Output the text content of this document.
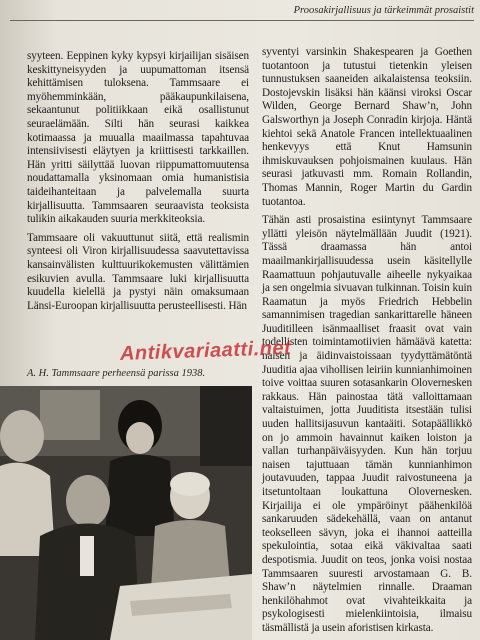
Proosakirjallisuus ja tärkeimmät prosaistit

syyteen. Eeppinen kyky kypsyi kirjailijan sisäisen keskittyneisyyden ja uupumattoman itsensä kehittämisen tuloksena. Tammsaare ei myöhemminkään, pääkaupunkilaisena, sekaantunut politiikkaan eikä osallistunut seuraelämään. Silti hän seurasi kaikkea kotimaassa ja muualla maailmassa tapahtuvaa intensiivisesti eläytyen ja kriittisesti tarkkaillen. Hän yritti säilyttää luovan riippumattomuutensa noudattamalla yksinomaan omia humanistisia taideihanteitaan ja palvelemalla suurta kirjallisuutta. Tammsaaren seuraavista teoksista tulikin aikakauden suuria merkkiteoksia.

Tammsaare oli vakuuttunut siitä, että realismin synteesi oli Viron kirjallisuudessa saavutettavissa kansainvälisten kulttuurikokemusten välittämien esikuvien avulla. Tammsaare luki kirjallisuutta kuudella kielellä ja pystyi näin omaksumaan Länsi-Euroopan kirjallisuutta perusteellisesti. Hän

syventyi varsinkin Shakespearen ja Goethen tuotantoon ja tutustui tietenkin yleisen tunnustuksen saaneiden aikalaistensa teoksiin. Dostojevskin lisäksi hän käänsi viroksi Oscar Wilden, George Bernard Shaw’n, John Galsworthyn ja Joseph Conradin kirjoja. Häntä kiehtoi sekä Anatole Francen intellektuaalinen henkevyys että Knut Hamsunin ihmiskuvauksen pohjoismainen kuulaus. Hän seurasi jatkuvasti mm. Romain Rollandin, Thomas Mannin, Roger Martin du Gardin tuotantoa.

Tähän asti prosaistina esiintynyt Tammsaare yllätti yleisön näytelmällään Juudit (1921). Tässä draamassa hän antoi maailmankirjallisuudessa usein käsitellylle Raamattuun pohjautuvalle aiheelle nykyaikaa ja sen ongelmia sivuavan tulkinnan. Toisin kuin Raamatun ja myös Friedrich Hebbelin samannimisen tragedian sankarittarelle häneen Juuditilleen isänmaalliset fraasit ovat vain todellisten toimintamotiivien hämäävä katetta: naisen ja äidinvaistoissaan tyydyttämätöntä Juuditia ajaa vihollisen leiriin kunnianhimoinen toive voittaa suuren sotasankarin Olovernesken rakkaus. Hän painostaa tätä valloittamaan valtaistuimen, jotta Juuditista itsestään tulisi uuden hallitsijasuvun kantaäiti. Sotapäällikkö on jo ammoin havainnut kaiken loiston ja vallan turhanpäiväisyyden. Kun hän torjuu naisen tajuttuaan tämän kunnianhimon joutavuuden, tappaa Juudit raivostuneena ja itsetuntoltaan loukattuna Olovernesken. Kirjailija ei ole ympäröinyt päähenkilöä sankaruuden sädekehällä, vaan on antanut teokselleen sävyn, joka ei ihannoi aatteilla spekulointia, sotaa eikä väkivaltaa saati despotismia. Juudit on teos, jonka voisi nostaa Tammsaaren suuresti arvostamaan G. B. Shaw’n näytelmien rinnalle. Draaman henkilöhahmot ovat vivahteikkaita ja psykologisesti mielenkiintoisia, ilmaisu täsmällistä ja usein aforistisen kirkasta.

A. H. Tammsaare perheensä parissa 1938.
Antikvariaatti.net
